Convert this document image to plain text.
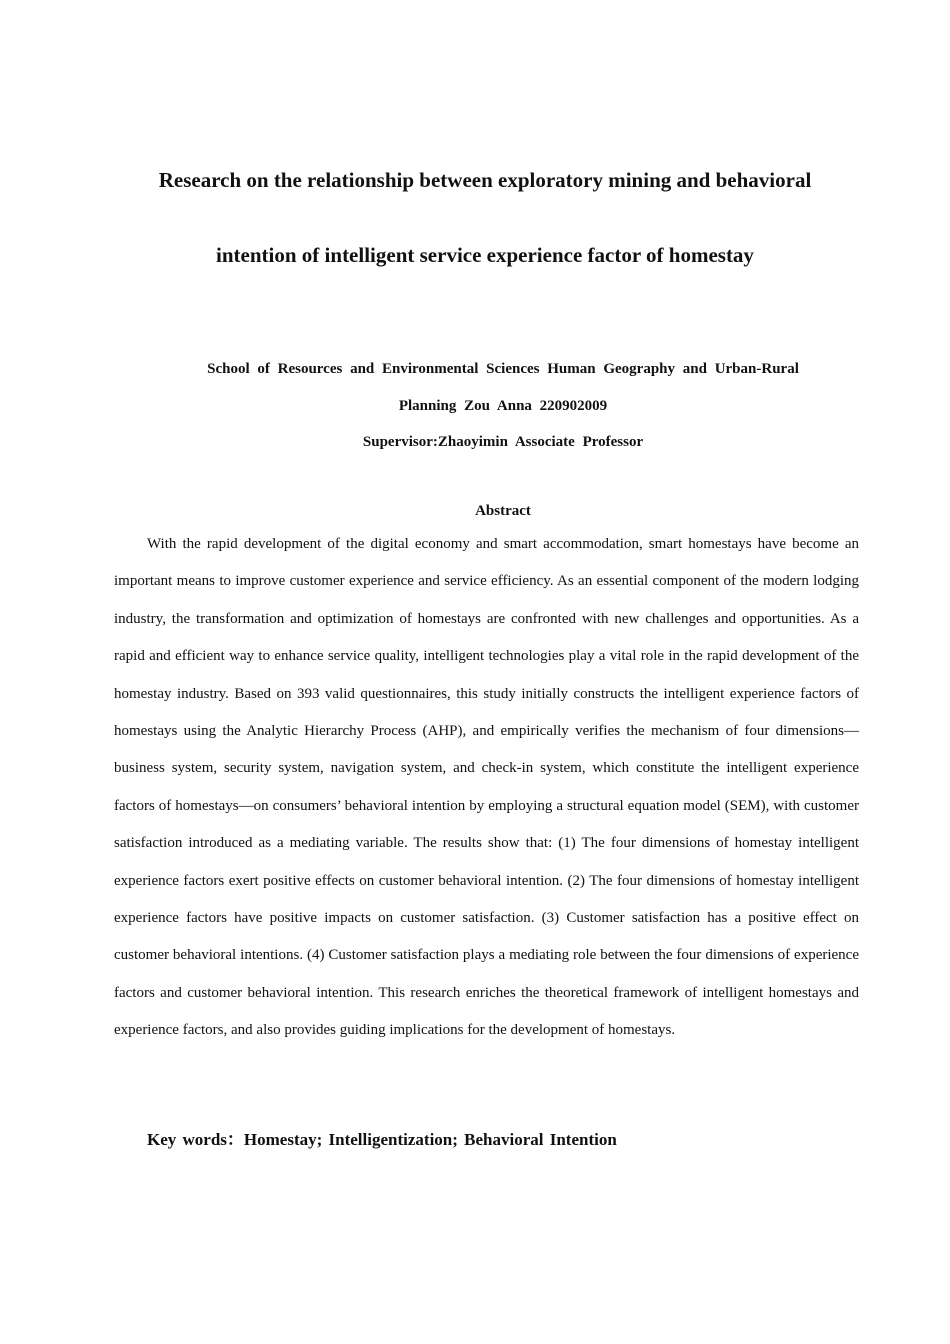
Research on the relationship between exploratory mining and behavioral
intention of intelligent service experience factor of homestay
School of Resources and Environmental Sciences Human Geography and Urban-Rural
Planning Zou Anna 220902009
Supervisor:Zhaoyimin Associate Professor
Abstract

With the rapid development of the digital economy and smart accommodation, smart homestays have become an important means to improve customer experience and service efficiency. As an essential component of the modern lodging industry, the transformation and optimization of homestays are confronted with new challenges and opportunities. As a rapid and efficient way to enhance service quality, intelligent technologies play a vital role in the rapid development of the homestay industry. Based on 393 valid questionnaires, this study initially constructs the intelligent experience factors of homestays using the Analytic Hierarchy Process (AHP), and empirically verifies the mechanism of four dimensions—business system, security system, navigation system, and check-in system, which constitute the intelligent experience factors of homestays—on consumers’ behavioral intention by employing a structural equation model (SEM), with customer satisfaction introduced as a mediating variable. The results show that: (1) The four dimensions of homestay intelligent experience factors exert positive effects on customer behavioral intention. (2) The four dimensions of homestay intelligent experience factors have positive impacts on customer satisfaction. (3) Customer satisfaction has a positive effect on customer behavioral intentions. (4) Customer satisfaction plays a mediating role between the four dimensions of experience factors and customer behavioral intention. This research enriches the theoretical framework of intelligent homestays and experience factors, and also provides guiding implications for the development of homestays.

Key words：Homestay; Intelligentization; Behavioral Intention
